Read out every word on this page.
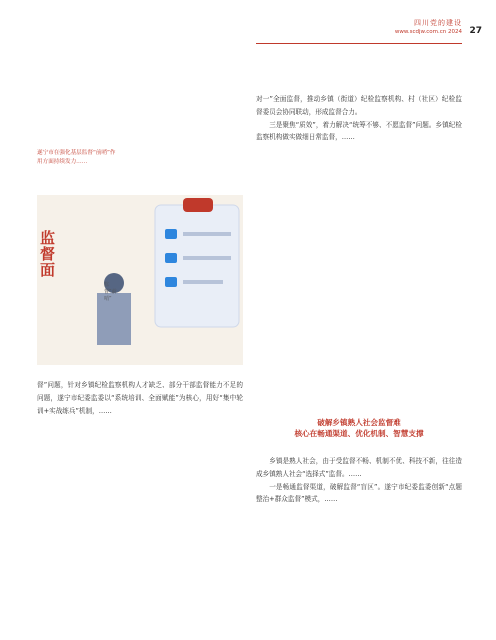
四川党的建设
www.scdjw.com.cn 2024 27
遂宁市在强化基层监督“前哨”作用方面持续发力……
监督面
监督“前哨”

督”问题，针对乡镇纪检监察机构人才缺乏、部分干部监督能力不足的问题，遂宁市纪委监委以“系统培训、全面赋能”为核心，用好“集中轮训+实战练兵”机制，……

对一”全面监督，推动乡镇（街道）纪检监察机构、村（社区）纪检监督委员会协同联动，形成监督合力。

三是聚焦“质效”，着力解决“统筹不够、不愿监督”问题。乡镇纪检监察机构做实做细日常监督，……

破解乡镇熟人社会监督难
核心在畅通渠道、优化机制、智慧支撑

乡镇是熟人社会，由于受监督不畅、机制不优、科技不新，往往造成乡镇熟人社会“选择式”监督。……

一是畅通监督渠道，破解监督“盲区”。遂宁市纪委监委创新“点题整治+群众监督”模式，……
